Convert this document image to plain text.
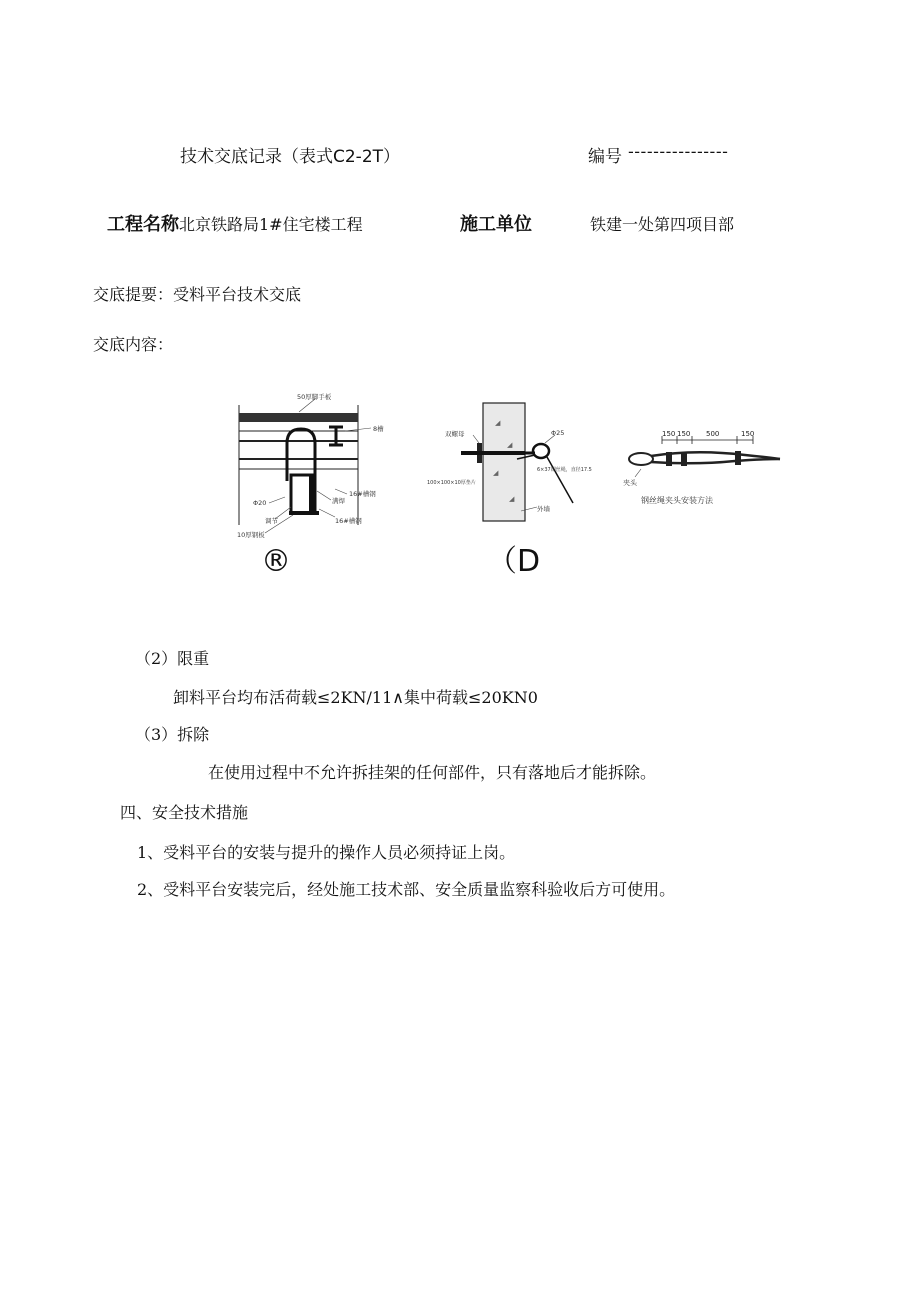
技术交底记录（表式C2-2T）	编号 ----------------
工程名称 北京铁路局1#住宅楼工程	施工单位	铁建一处第四项目部
交底提要：受料平台技术交底
交底内容：
50厚脚手板
8槽
16#槽钢
Φ20	满焊
调节	16#槽钢
10厚钢板
®
◢
◢
◢
◢
双螺母	Φ25
100×100×10厚垫片
6×37钢丝绳，直径17.5
外墙
（D
150 150 500	150
夹头
钢丝绳夹头安装方法
（2）限重
卸料平台均布活荷载≤2KN/11∧集中荷载≤20KN0
（3）拆除
在使用过程中不允许拆挂架的任何部件，只有落地后才能拆除。
四、安全技术措施
1、受料平台的安装与提升的操作人员必须持证上岗。
2、受料平台安装完后，经处施工技术部、安全质量监察科验收后方可使用。
